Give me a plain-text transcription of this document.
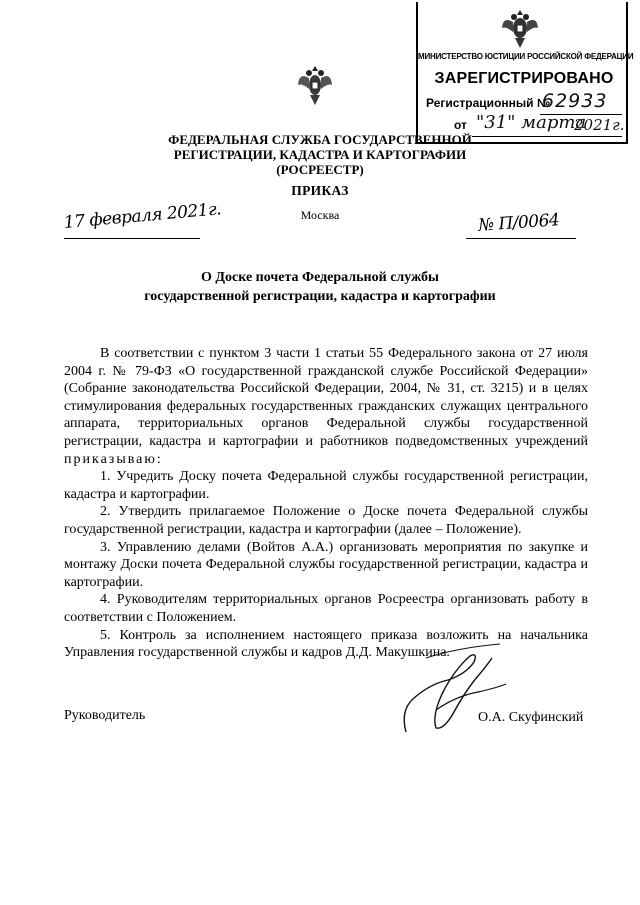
МИНИСТЕРСТВО ЮСТИЦИИ РОССИЙСКОЙ ФЕДЕРАЦИИ
ЗАРЕГИСТРИРОВАНО
Регистрационный №
62933
от "31" марта
2021г.
ФЕДЕРАЛЬНАЯ СЛУЖБА ГОСУДАРСТВЕННОЙ
РЕГИСТРАЦИИ, КАДАСТРА И КАРТОГРАФИИ
(РОСРЕЕСТР)
ПРИКАЗ
Москва
17 февраля 2021г.	№ П/0064
О Доске почета Федеральной службы
государственной регистрации, кадастра и картографии

В соответствии с пунктом 3 части 1 статьи 55 Федерального закона от 27 июля 2004 г. № 79-ФЗ «О государственной гражданской службе Российской Федерации» (Собрание законодательства Российской Федерации, 2004, № 31, ст. 3215) и в целях стимулирования федеральных государственных гражданских служащих центрального аппарата, территориальных органов Федеральной службы государственной регистрации, кадастра и картографии и работников подведомственных учреждений приказываю:

1. Учредить Доску почета Федеральной службы государственной регистрации, кадастра и картографии.

2. Утвердить прилагаемое Положение о Доске почета Федеральной службы государственной регистрации, кадастра и картографии (далее – Положение).

3. Управлению делами (Войтов А.А.) организовать мероприятия по закупке и монтажу Доски почета Федеральной службы государственной регистрации, кадастра и картографии.

4. Руководителям территориальных органов Росреестра организовать работу в соответствии с Положением.

5. Контроль за исполнением настоящего приказа возложить на начальника Управления государственной службы и кадров Д.Д. Макушкина.

Руководитель	О.А. Скуфинский
